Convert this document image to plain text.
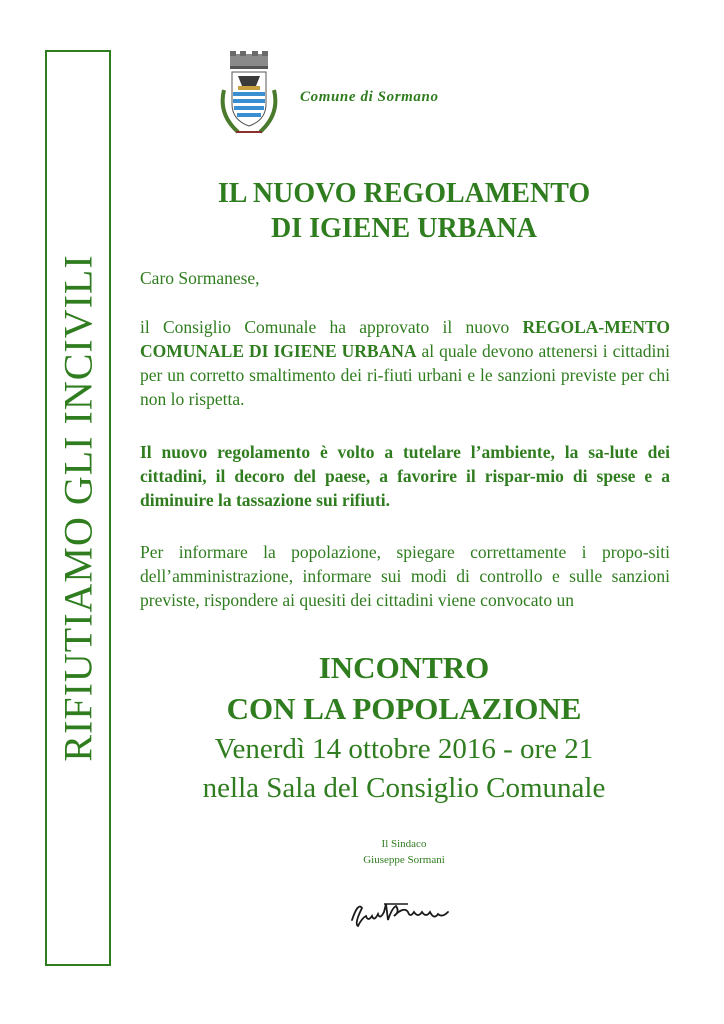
RIFIUTIAMO GLI INCIVILI
Comune di Sormano
IL NUOVO REGOLAMENTO
DI IGIENE URBANA
Caro Sormanese,
il Consiglio Comunale ha approvato il nuovo REGOLA-MENTO COMUNALE DI IGIENE URBANA al quale devono attenersi i cittadini per un corretto smaltimento dei ri-fiuti urbani e le sanzioni previste per chi non lo rispetta.
Il nuovo regolamento è volto a tutelare l’ambiente, la sa-lute dei cittadini, il decoro del paese, a favorire il rispar-mio di spese e a diminuire la tassazione sui rifiuti.
Per informare la popolazione, spiegare correttamente i propo-siti dell’amministrazione, informare sui modi di controllo e sulle sanzioni previste, rispondere ai quesiti dei cittadini viene convocato un
INCONTRO
CON LA POPOLAZIONE
Venerdì 14 ottobre 2016 - ore 21
nella Sala del Consiglio Comunale
Il Sindaco
Giuseppe Sormani
